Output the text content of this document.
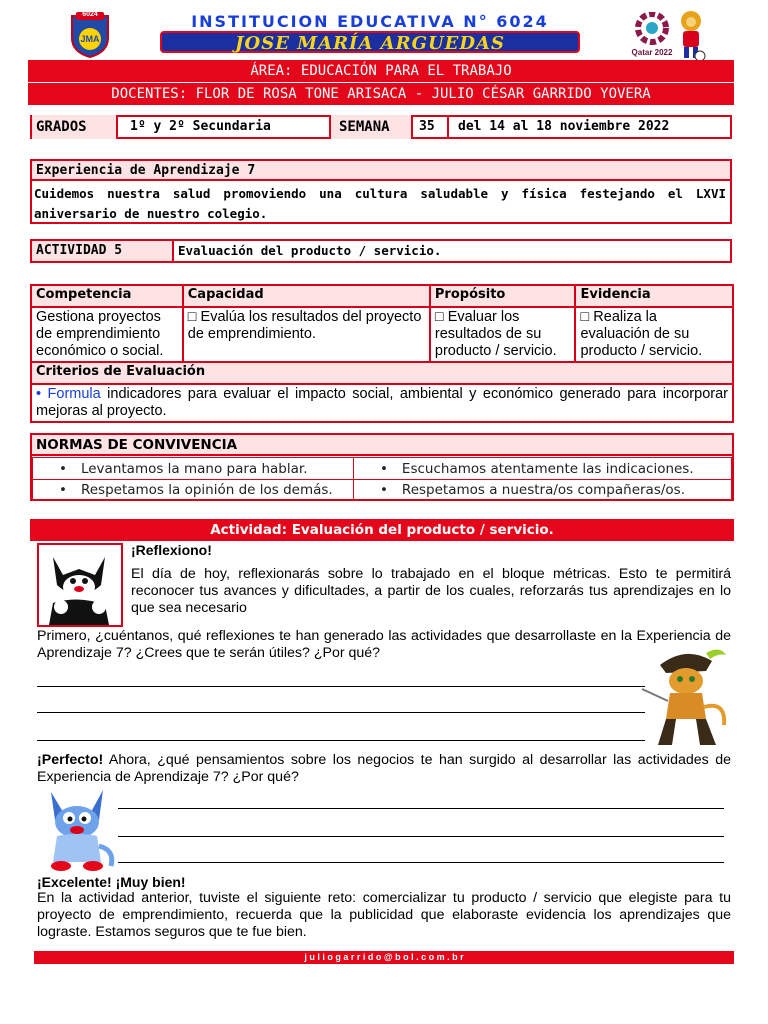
6024
JMA
INSTITUCION EDUCATIVA N° 6024
JOSE MARÍA ARGUEDAS	Qatar 2022
ÁREA: EDUCACIÓN PARA EL TRABAJO
DOCENTES: FLOR DE ROSA TONE ARISACA - JULIO CÉSAR GARRIDO YOVERA
GRADOS	1º y 2º Secundaria	SEMANA	35	del 14 al 18 noviembre 2022
Experiencia de Aprendizaje 7
Cuidemos nuestra salud promoviendo una cultura saludable y física festejando el LXVI aniversario de nuestro colegio.
ACTIVIDAD 5	Evaluación del producto / servicio.
Competencia	Capacidad	Propósito	Evidencia
Gestiona proyectos de emprendimiento económico o social.	□ Evalúa los resultados del proyecto de emprendimiento.	□ Evaluar los resultados de su producto / servicio.	□ Realiza la evaluación de su producto / servicio.
Criterios de Evaluación			
• Formula indicadores para evaluar el impacto social, ambiental y económico generado para incorporar mejoras al proyecto.			
NORMAS DE CONVIVENCIA
• Levantamos la mano para hablar.	• Escuchamos atentamente las indicaciones.
• Respetamos la opinión de los demás.	• Respetamos a nuestra/os compañeras/os.
Actividad: Evaluación del producto / servicio.
¡Reflexiono!
El día de hoy, reflexionarás sobre lo trabajado en el bloque métricas. Esto te permitirá reconocer tus avances y dificultades, a partir de los cuales, reforzarás tus aprendizajes en lo que sea necesario
Primero, ¿cuéntanos, qué reflexiones te han generado las actividades que desarrollaste en la Experiencia de Aprendizaje 7? ¿Crees que te serán útiles? ¿Por qué?
¡Perfecto! Ahora, ¿qué pensamientos sobre los negocios te han surgido al desarrollar las actividades de Experiencia de Aprendizaje 7? ¿Por qué?
¡Excelente! ¡Muy bien!
En la actividad anterior, tuviste el siguiente reto: comercializar tu producto / servicio que elegiste para tu proyecto de emprendimiento, recuerda que la publicidad que elaboraste evidencia los aprendizajes que lograste. Estamos seguros que te fue bien.
j u l i o g a r r i d o @ b o l . c o m . b r
